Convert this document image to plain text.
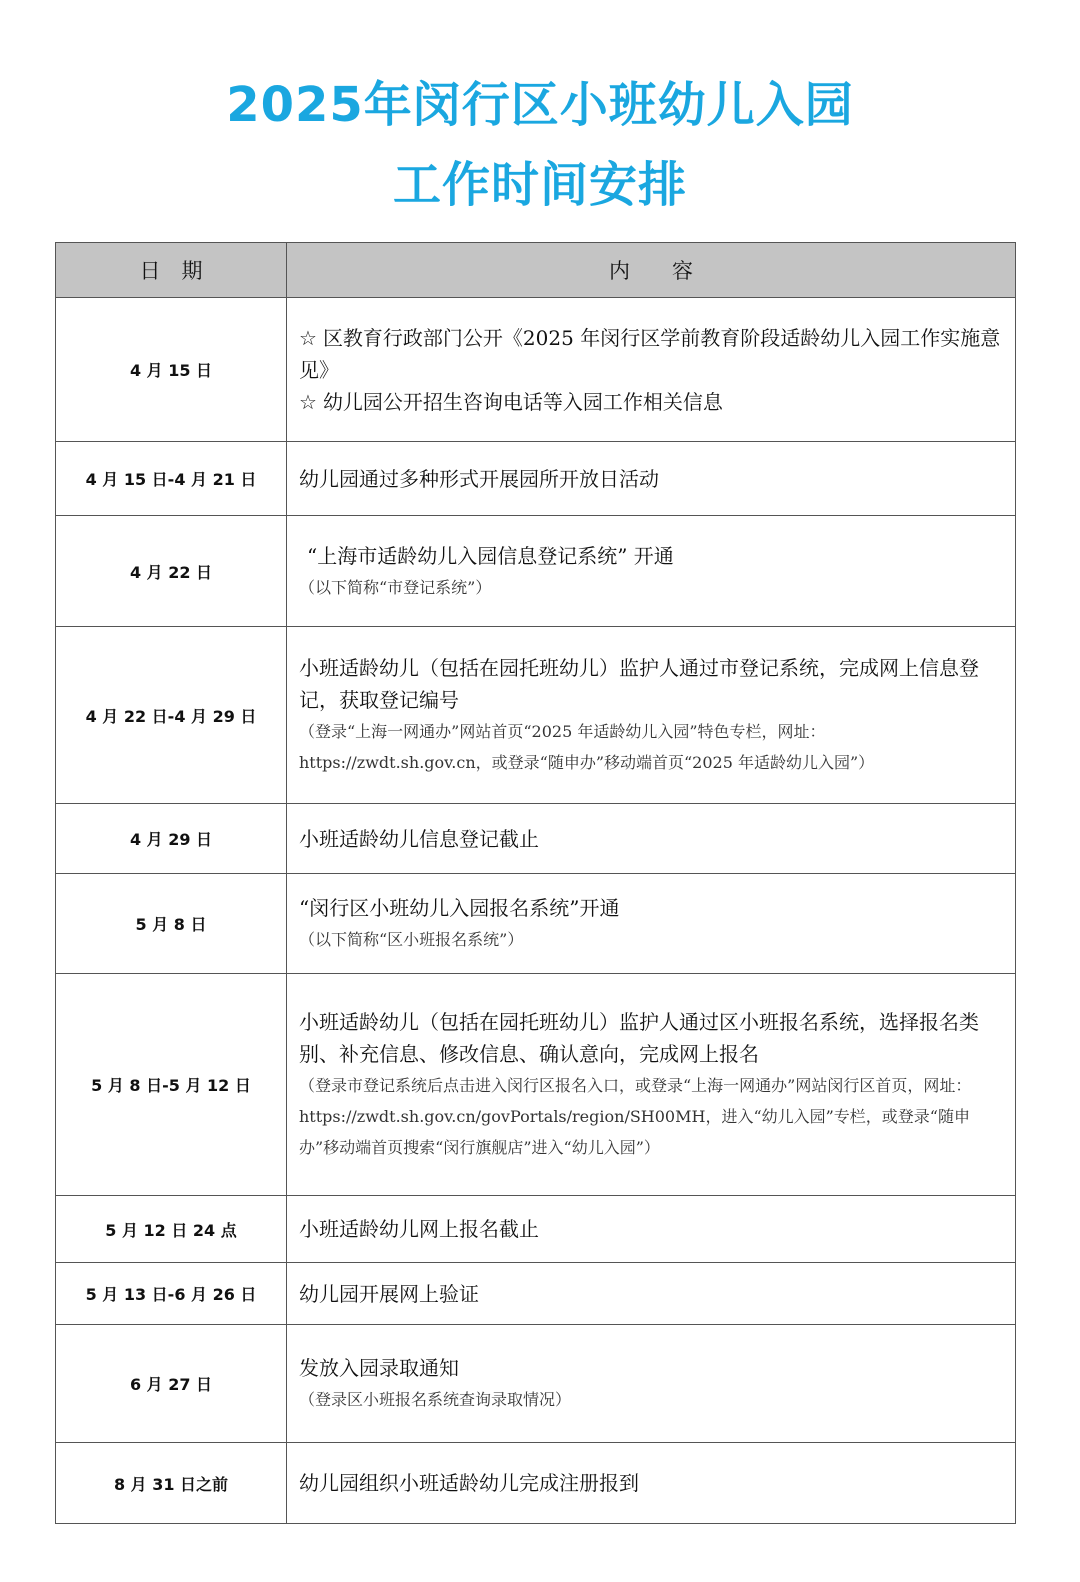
2025年闵行区小班幼儿入园
工作时间安排
日　期	内　　容
4 月 15 日	☆ 区教育行政部门公开《2025 年闵行区学前教育阶段适龄幼儿入园工作实施意见》
☆ 幼儿园公开招生咨询电话等入园工作相关信息

4 月 15 日-4 月 21 日	幼儿园通过多种形式开展园所开放日活动

4 月 22 日	“上海市适龄幼儿入园信息登记系统” 开通
（以下简称“市登记系统”）

4 月 22 日-4 月 29 日	小班适龄幼儿（包括在园托班幼儿）监护人通过市登记系统，完成网上信息登记，获取登记编号
（登录“上海一网通办”网站首页“2025 年适龄幼儿入园”特色专栏，网址：https://zwdt.sh.gov.cn，或登录“随申办”移动端首页“2025 年适龄幼儿入园”）

4 月 29 日	小班适龄幼儿信息登记截止

5 月 8 日	“闵行区小班幼儿入园报名系统”开通
（以下简称“区小班报名系统”）

5 月 8 日-5 月 12 日	小班适龄幼儿（包括在园托班幼儿）监护人通过区小班报名系统，选择报名类别、补充信息、修改信息、确认意向，完成网上报名
（登录市登记系统后点击进入闵行区报名入口，或登录“上海一网通办”网站闵行区首页，网址：https://zwdt.sh.gov.cn/govPortals/region/SH00MH，进入“幼儿入园”专栏，或登录“随申办”移动端首页搜索“闵行旗舰店”进入“幼儿入园”）

5 月 12 日 24 点	小班适龄幼儿网上报名截止

5 月 13 日-6 月 26 日	幼儿园开展网上验证

6 月 27 日	发放入园录取通知
（登录区小班报名系统查询录取情况）

8 月 31 日之前	幼儿园组织小班适龄幼儿完成注册报到
